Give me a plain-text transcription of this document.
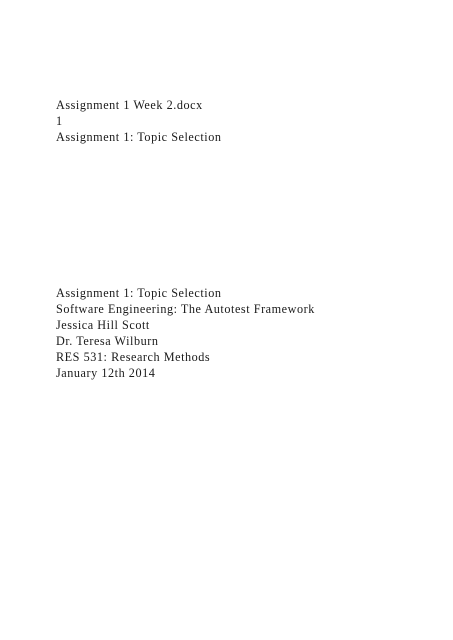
Assignment 1 Week 2.docx
1
Assignment 1: Topic Selection
Assignment 1: Topic Selection
Software Engineering: The Autotest Framework
Jessica Hill Scott
Dr. Teresa Wilburn
RES 531: Research Methods
January 12th 2014
